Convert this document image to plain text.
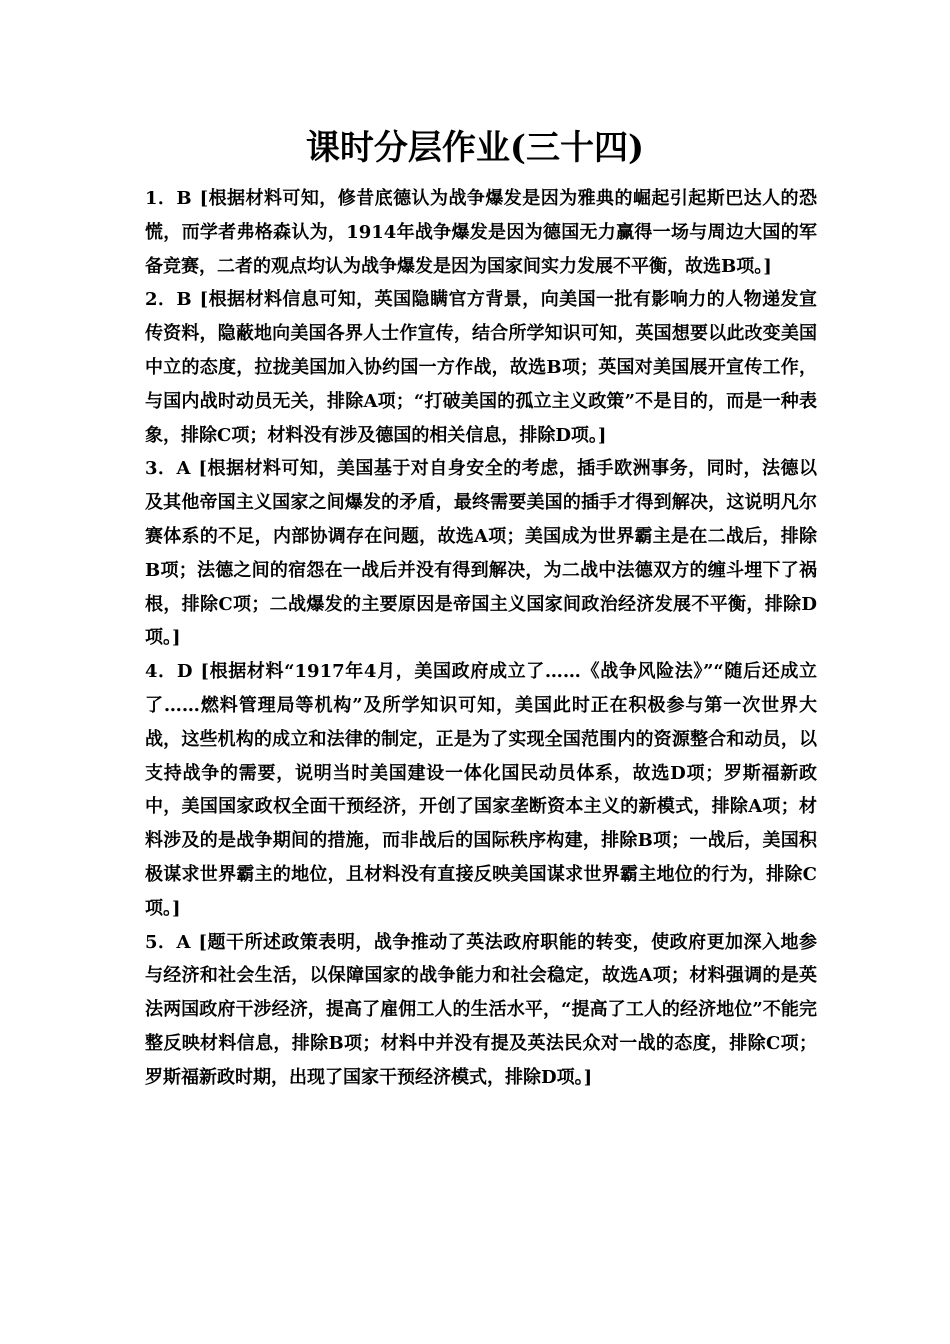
课时分层作业(三十四)

1．B [根据材料可知，修昔底德认为战争爆发是因为雅典的崛起引起斯巴达人的恐慌，而学者弗格森认为，1914年战争爆发是因为德国无力赢得一场与周边大国的军备竞赛，二者的观点均认为战争爆发是因为国家间实力发展不平衡，故选B项。]

2．B [根据材料信息可知，英国隐瞒官方背景，向美国一批有影响力的人物递发宣传资料，隐蔽地向美国各界人士作宣传，结合所学知识可知，英国想要以此改变美国中立的态度，拉拢美国加入协约国一方作战，故选B项；英国对美国展开宣传工作，与国内战时动员无关，排除A项；“打破美国的孤立主义政策”不是目的，而是一种表象，排除C项；材料没有涉及德国的相关信息，排除D项。]

3．A [根据材料可知，美国基于对自身安全的考虑，插手欧洲事务，同时，法德以及其他帝国主义国家之间爆发的矛盾，最终需要美国的插手才得到解决，这说明凡尔赛体系的不足，内部协调存在问题，故选A项；美国成为世界霸主是在二战后，排除B项；法德之间的宿怨在一战后并没有得到解决，为二战中法德双方的缠斗埋下了祸根，排除C项；二战爆发的主要原因是帝国主义国家间政治经济发展不平衡，排除D项。]

4．D [根据材料“1917年4月，美国政府成立了……《战争风险法》”“随后还成立了……燃料管理局等机构”及所学知识可知，美国此时正在积极参与第一次世界大战，这些机构的成立和法律的制定，正是为了实现全国范围内的资源整合和动员，以支持战争的需要，说明当时美国建设一体化国民动员体系，故选D项；罗斯福新政中，美国国家政权全面干预经济，开创了国家垄断资本主义的新模式，排除A项；材料涉及的是战争期间的措施，而非战后的国际秩序构建，排除B项；一战后，美国积极谋求世界霸主的地位，且材料没有直接反映美国谋求世界霸主地位的行为，排除C项。]

5．A [题干所述政策表明，战争推动了英法政府职能的转变，使政府更加深入地参与经济和社会生活，以保障国家的战争能力和社会稳定，故选A项；材料强调的是英法两国政府干涉经济，提高了雇佣工人的生活水平，“提高了工人的经济地位”不能完整反映材料信息，排除B项；材料中并没有提及英法民众对一战的态度，排除C项；罗斯福新政时期，出现了国家干预经济模式，排除D项。]
